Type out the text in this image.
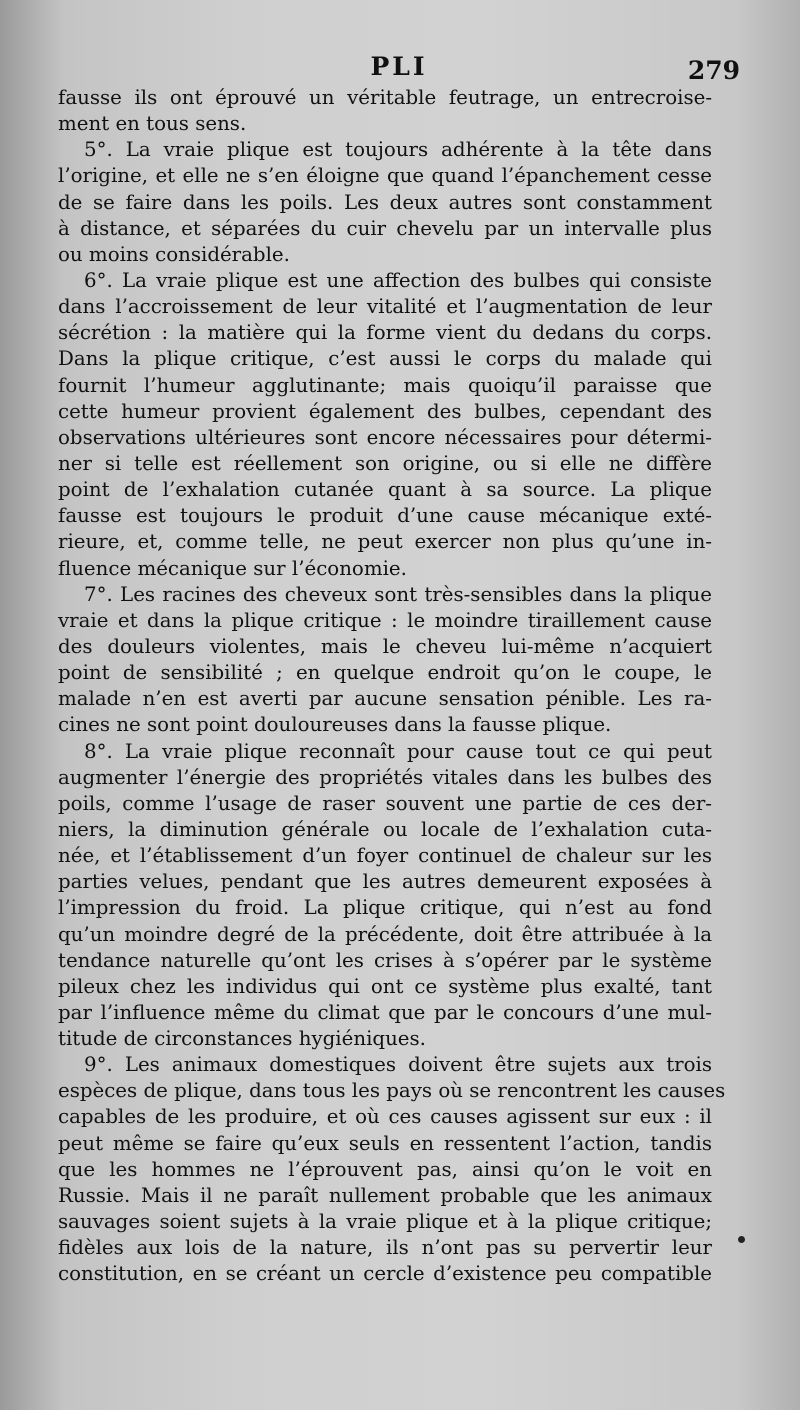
PLI	279
fausse ils ont éprouvé un véritable feutrage, un entrecroise-
ment en tous sens.
5°. La vraie plique est toujours adhérente à la tête dans
l’origine, et elle ne s’en éloigne que quand l’épanchement cesse
de se faire dans les poils. Les deux autres sont constamment
à distance, et séparées du cuir chevelu par un intervalle plus
ou moins considérable.
6°. La vraie plique est une affection des bulbes qui consiste
dans l’accroissement de leur vitalité et l’augmentation de leur
sécrétion : la matière qui la forme vient du dedans du corps.
Dans la plique critique, c’est aussi le corps du malade qui
fournit l’humeur agglutinante; mais quoiqu’il paraisse que
cette humeur provient également des bulbes, cependant des
observations ultérieures sont encore nécessaires pour détermi-
ner si telle est réellement son origine, ou si elle ne diffère
point de l’exhalation cutanée quant à sa source. La plique
fausse est toujours le produit d’une cause mécanique exté-
rieure, et, comme telle, ne peut exercer non plus qu’une in-
fluence mécanique sur l’économie.
7°. Les racines des cheveux sont très-sensibles dans la plique
vraie et dans la plique critique : le moindre tiraillement cause
des douleurs violentes, mais le cheveu lui-même n’acquiert
point de sensibilité ; en quelque endroit qu’on le coupe, le
malade n’en est averti par aucune sensation pénible. Les ra-
cines ne sont point douloureuses dans la fausse plique.
8°. La vraie plique reconnaît pour cause tout ce qui peut
augmenter l’énergie des propriétés vitales dans les bulbes des
poils, comme l’usage de raser souvent une partie de ces der-
niers, la diminution générale ou locale de l’exhalation cuta-
née, et l’établissement d’un foyer continuel de chaleur sur les
parties velues, pendant que les autres demeurent exposées à
l’impression du froid. La plique critique, qui n’est au fond
qu’un moindre degré de la précédente, doit être attribuée à la
tendance naturelle qu’ont les crises à s’opérer par le système
pileux chez les individus qui ont ce système plus exalté, tant
par l’influence même du climat que par le concours d’une mul-
titude de circonstances hygiéniques.
9°. Les animaux domestiques doivent être sujets aux trois
espèces de plique, dans tous les pays où se rencontrent les causes
capables de les produire, et où ces causes agissent sur eux : il
peut même se faire qu’eux seuls en ressentent l’action, tandis
que les hommes ne l’éprouvent pas, ainsi qu’on le voit en
Russie. Mais il ne paraît nullement probable que les animaux
sauvages soient sujets à la vraie plique et à la plique critique;
fidèles aux lois de la nature, ils n’ont pas su pervertir leur
constitution, en se créant un cercle d’existence peu compatible
